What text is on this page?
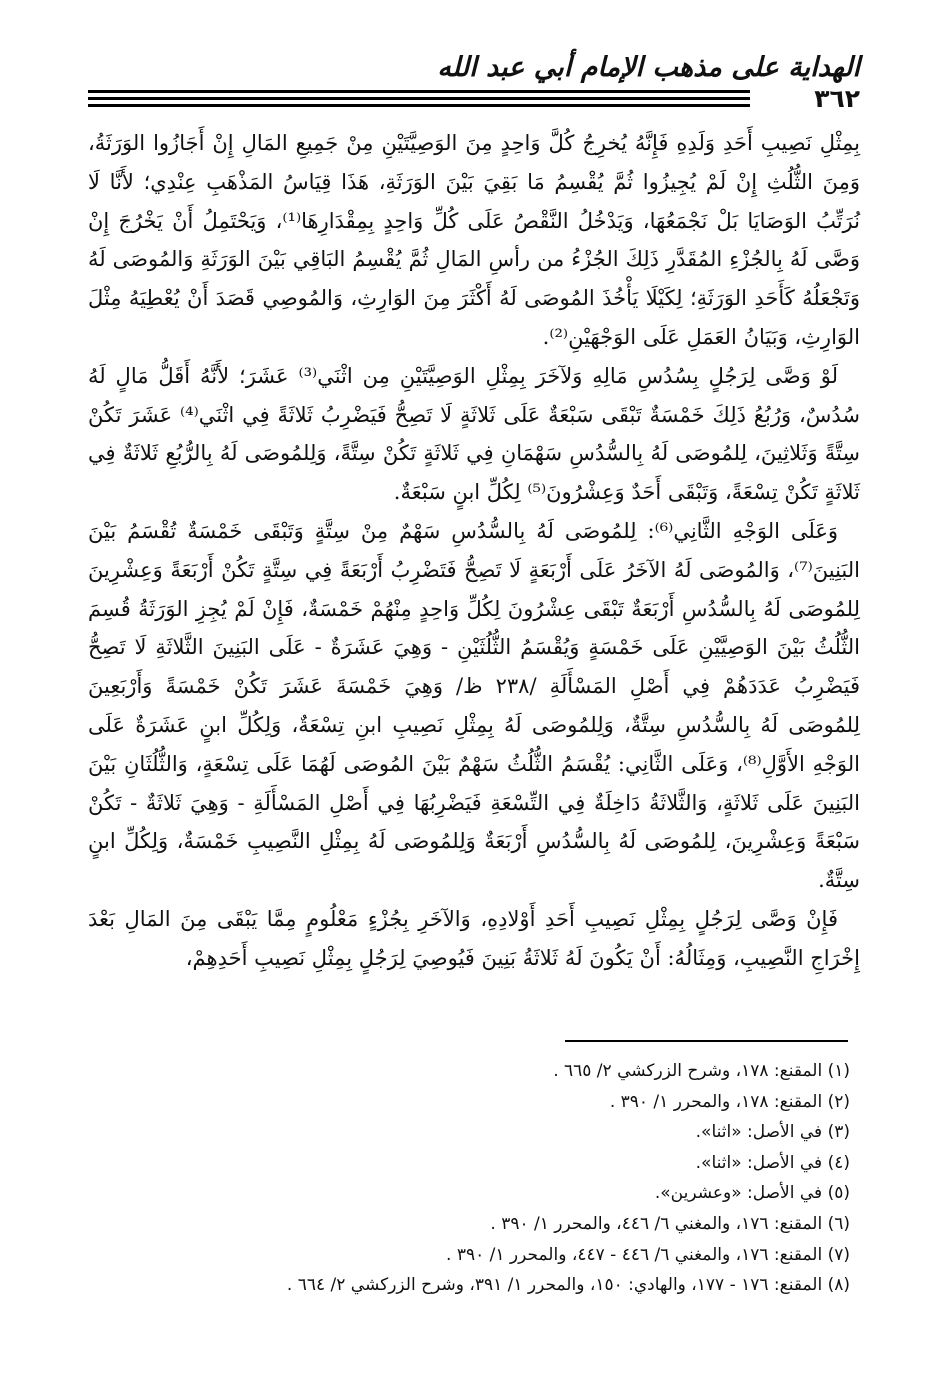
الهداية على مذهب الإمام أبي عبد الله
٣٦٢

بِمِثْلِ نَصِيبِ أَحَدِ وَلَدِهِ فَإِنَّهُ يُخرِجُ كُلَّ وَاحِدٍ مِنَ الوَصِيَّتَيْنِ مِنْ جَمِيعِ المَالِ إِنْ أَجَازُوا الوَرَثَةُ، وَمِنَ الثُّلُثِ إِنْ لَمْ يُجِيزُوا ثُمَّ يُقْسِمُ مَا بَقِيَ بَيْنَ الوَرَثَةِ، هَذَا قِيَاسُ المَذْهَبِ عِنْدِي؛ لأَنَّا لَا نُرَتِّبُ الوَصَايَا بَلْ نَجْمَعُهَا، وَيَدْخُلُ النَّقْصُ عَلَى كُلِّ وَاحِدٍ بِمِقْدَارِهَا⁽¹⁾، وَيَحْتَمِلُ أَنْ يَخْرُجَ إِنْ وَصَّى لَهُ بِالجُزْءِ المُقَدَّرِ ذَلِكَ الجُزْءُ من رأسِ المَالِ ثُمَّ يُقْسِمُ البَاقِي بَيْنَ الوَرَثَةِ وَالمُوصَى لَهُ وَتَجْعَلُهُ كَأَحَدِ الوَرَثَةِ؛ لِكَيْلَا يَأْخُذَ المُوصَى لَهُ أَكْثَرَ مِنَ الوَارِثِ، وَالمُوصِي قَصَدَ أَنْ يُعْطِيَهُ مِثْلَ الوَارِثِ، وَبَيَانُ العَمَلِ عَلَى الوَجْهَيْنِ⁽²⁾.

لَوْ وَصَّى لِرَجُلٍ بِسُدُسِ مَالِهِ وَلآخَرَ بِمِثْلِ الوَصِيَّتَيْنِ مِن اثْنَي⁽³⁾ عَشَرَ؛ لأَنَّهُ أَقَلُّ مَالٍ لَهُ سُدُسٌ، وَرُبُعُ ذَلِكَ خَمْسَةٌ تَبْقَى سَبْعَةٌ عَلَى ثَلاثَةٍ لَا تَصِحُّ فَيَضْرِبُ ثَلاثَةً فِي اثْنَي⁽⁴⁾ عَشَرَ تَكُنْ سِتَّةً وَثَلاثِينَ، لِلمُوصَى لَهُ بِالسُّدُسِ سَهْمَانِ فِي ثَلاثَةٍ تَكُنْ سِتَّةً، وَلِلمُوصَى لَهُ بِالرُّبُعِ ثَلاثَةٌ فِي ثَلاثَةٍ تَكُنْ تِسْعَةً، وَتَبْقَى أَحَدٌ وَعِشْرُونَ⁽⁵⁾ لِكُلِّ ابنٍ سَبْعَةٌ.

وَعَلَى الوَجْهِ الثَّانِي⁽⁶⁾: لِلمُوصَى لَهُ بِالسُّدُسِ سَهْمٌ مِنْ سِتَّةٍ وَتَبْقَى خَمْسَةٌ تُقْسَمُ بَيْنَ البَنِينَ⁽⁷⁾، وَالمُوصَى لَهُ الآخَرُ عَلَى أَرْبَعَةٍ لَا تَصِحُّ فَتَضْرِبُ أَرْبَعَةً فِي سِتَّةٍ تَكُنْ أَرْبَعَةً وَعِشْرِينَ لِلمُوصَى لَهُ بِالسُّدُسِ أَرْبَعَةٌ تَبْقَى عِشْرُونَ لِكُلِّ وَاحِدٍ مِنْهُمْ خَمْسَةٌ، فَإِنْ لَمْ يُجِزِ الوَرَثَةُ قُسِمَ الثُّلُثُ بَيْنَ الوَصِيَّيْنِ عَلَى خَمْسَةٍ وَيُقْسَمُ الثُّلُثَيْنِ - وَهِيَ عَشَرَةٌ - عَلَى البَنِينَ الثَّلاثَةِ لَا تَصِحُّ فَيَضْرِبُ عَدَدَهُمْ فِي أَصْلِ المَسْأَلَةِ /٢٣٨ ظ/ وَهِيَ خَمْسَةَ عَشَرَ تَكُنْ خَمْسَةً وَأَرْبَعِينَ لِلمُوصَى لَهُ بِالسُّدُسِ سِتَّةٌ، وَلِلمُوصَى لَهُ بِمِثْلِ نَصِيبِ ابنِ تِسْعَةٌ، وَلِكُلِّ ابنٍ عَشَرَةٌ عَلَى الوَجْهِ الأَوَّلِ⁽⁸⁾، وَعَلَى الثَّانِي: يُقْسَمُ الثُّلُثُ سَهْمٌ بَيْنَ المُوصَى لَهُمَا عَلَى تِسْعَةٍ، وَالثُّلُثَانِ بَيْنَ البَنِينَ عَلَى ثَلاثَةٍ، وَالثَّلاثَةُ دَاخِلَةٌ فِي التِّسْعَةِ فَيَضْرِبُهَا فِي أَصْلِ المَسْأَلَةِ - وَهِيَ ثَلاثَةٌ - تَكُنْ سَبْعَةً وَعِشْرِينَ، لِلمُوصَى لَهُ بِالسُّدُسِ أَرْبَعَةٌ وَلِلمُوصَى لَهُ بِمِثْلِ النَّصِيبِ خَمْسَةٌ، وَلِكُلِّ ابنٍ سِتَّةٌ.

فَإِنْ وَصَّى لِرَجُلٍ بِمِثْلِ نَصِيبِ أَحَدِ أَوْلادِهِ، وَالآخَرِ بِجُزْءٍ مَعْلُومٍ مِمَّا يَبْقَى مِنَ المَالِ بَعْدَ إِخْرَاجِ النَّصِيبِ، وَمِثَالُهُ: أَنْ يَكُونَ لَهُ ثَلاثَةُ بَنِينَ فَيُوصِيَ لِرَجُلٍ بِمِثْلِ نَصِيبِ أَحَدِهِمْ،

(١) المقنع: ١٧٨، وشرح الزركشي ٢/ ٦٦٥ .
(٢) المقنع: ١٧٨، والمحرر ١/ ٣٩٠ .
(٣) في الأصل: «اثنا».
(٤) في الأصل: «اثنا».
(٥) في الأصل: «وعشرين».
(٦) المقنع: ١٧٦، والمغني ٦/ ٤٤٦، والمحرر ١/ ٣٩٠ .
(٧) المقنع: ١٧٦، والمغني ٦/ ٤٤٦ - ٤٤٧، والمحرر ١/ ٣٩٠ .
(٨) المقنع: ١٧٦ - ١٧٧، والهادي: ١٥٠، والمحرر ١/ ٣٩١، وشرح الزركشي ٢/ ٦٦٤ .
